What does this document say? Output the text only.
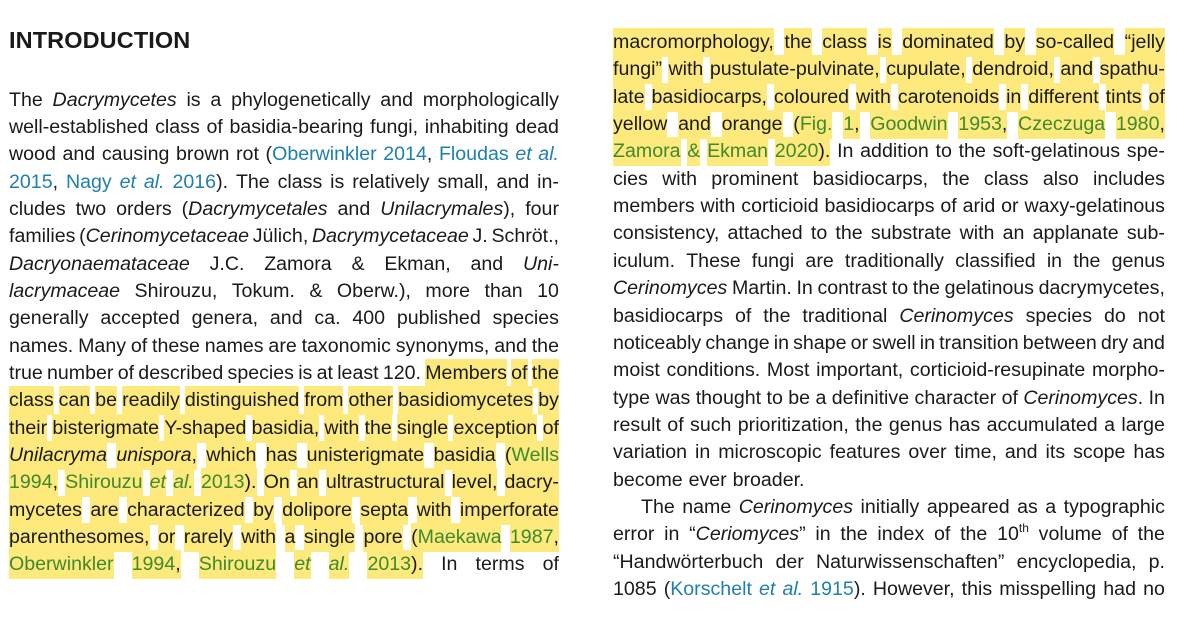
INTRODUCTION
The Dacrymycetes is a phylogenetically and morphologically
well-established class of basidia-bearing fungi, inhabiting dead
wood and causing brown rot (Oberwinkler 2014, Floudas et al.
2015, Nagy et al. 2016). The class is relatively small, and in-
cludes two orders (Dacrymycetales and Unilacrymales), four
families (Cerinomycetaceae Jülich, Dacrymycetaceae J. Schröt.,
Dacryonaemataceae J.C. Zamora & Ekman, and Uni-
lacrymaceae Shirouzu, Tokum. & Oberw.), more than 10
generally accepted genera, and ca. 400 published species
names. Many of these names are taxonomic synonyms, and the
true number of described species is at least 120. Members of the
class can be readily distinguished from other basidiomycetes by
their bisterigmate Y-shaped basidia, with the single exception of
Unilacryma unispora, which has unisterigmate basidia (Wells
1994, Shirouzu et al. 2013). On an ultrastructural level, dacry-
mycetes are characterized by dolipore septa with imperforate
parenthesomes, or rarely with a single pore (Maekawa 1987,
Oberwinkler 1994, Shirouzu et al. 2013). In terms of
macromorphology, the class is dominated by so-called “jelly
fungi” with pustulate-pulvinate, cupulate, dendroid, and spathu-
late basidiocarps, coloured with carotenoids in different tints of
yellow and orange (Fig. 1, Goodwin 1953, Czeczuga 1980,
Zamora & Ekman 2020). In addition to the soft-gelatinous spe-
cies with prominent basidiocarps, the class also includes
members with corticioid basidiocarps of arid or waxy-gelatinous
consistency, attached to the substrate with an applanate sub-
iculum. These fungi are traditionally classified in the genus
Cerinomyces Martin. In contrast to the gelatinous dacrymycetes,
basidiocarps of the traditional Cerinomyces species do not
noticeably change in shape or swell in transition between dry and
moist conditions. Most important, corticioid-resupinate morpho-
type was thought to be a definitive character of Cerinomyces. In
result of such prioritization, the genus has accumulated a large
variation in microscopic features over time, and its scope has
become ever broader.
The name Cerinomyces initially appeared as a typographic
error in “Ceriomyces” in the index of the 10th volume of the
“Handwörterbuch der Naturwissenschaften” encyclopedia, p.
1085 (Korschelt et al. 1915). However, this misspelling had no
